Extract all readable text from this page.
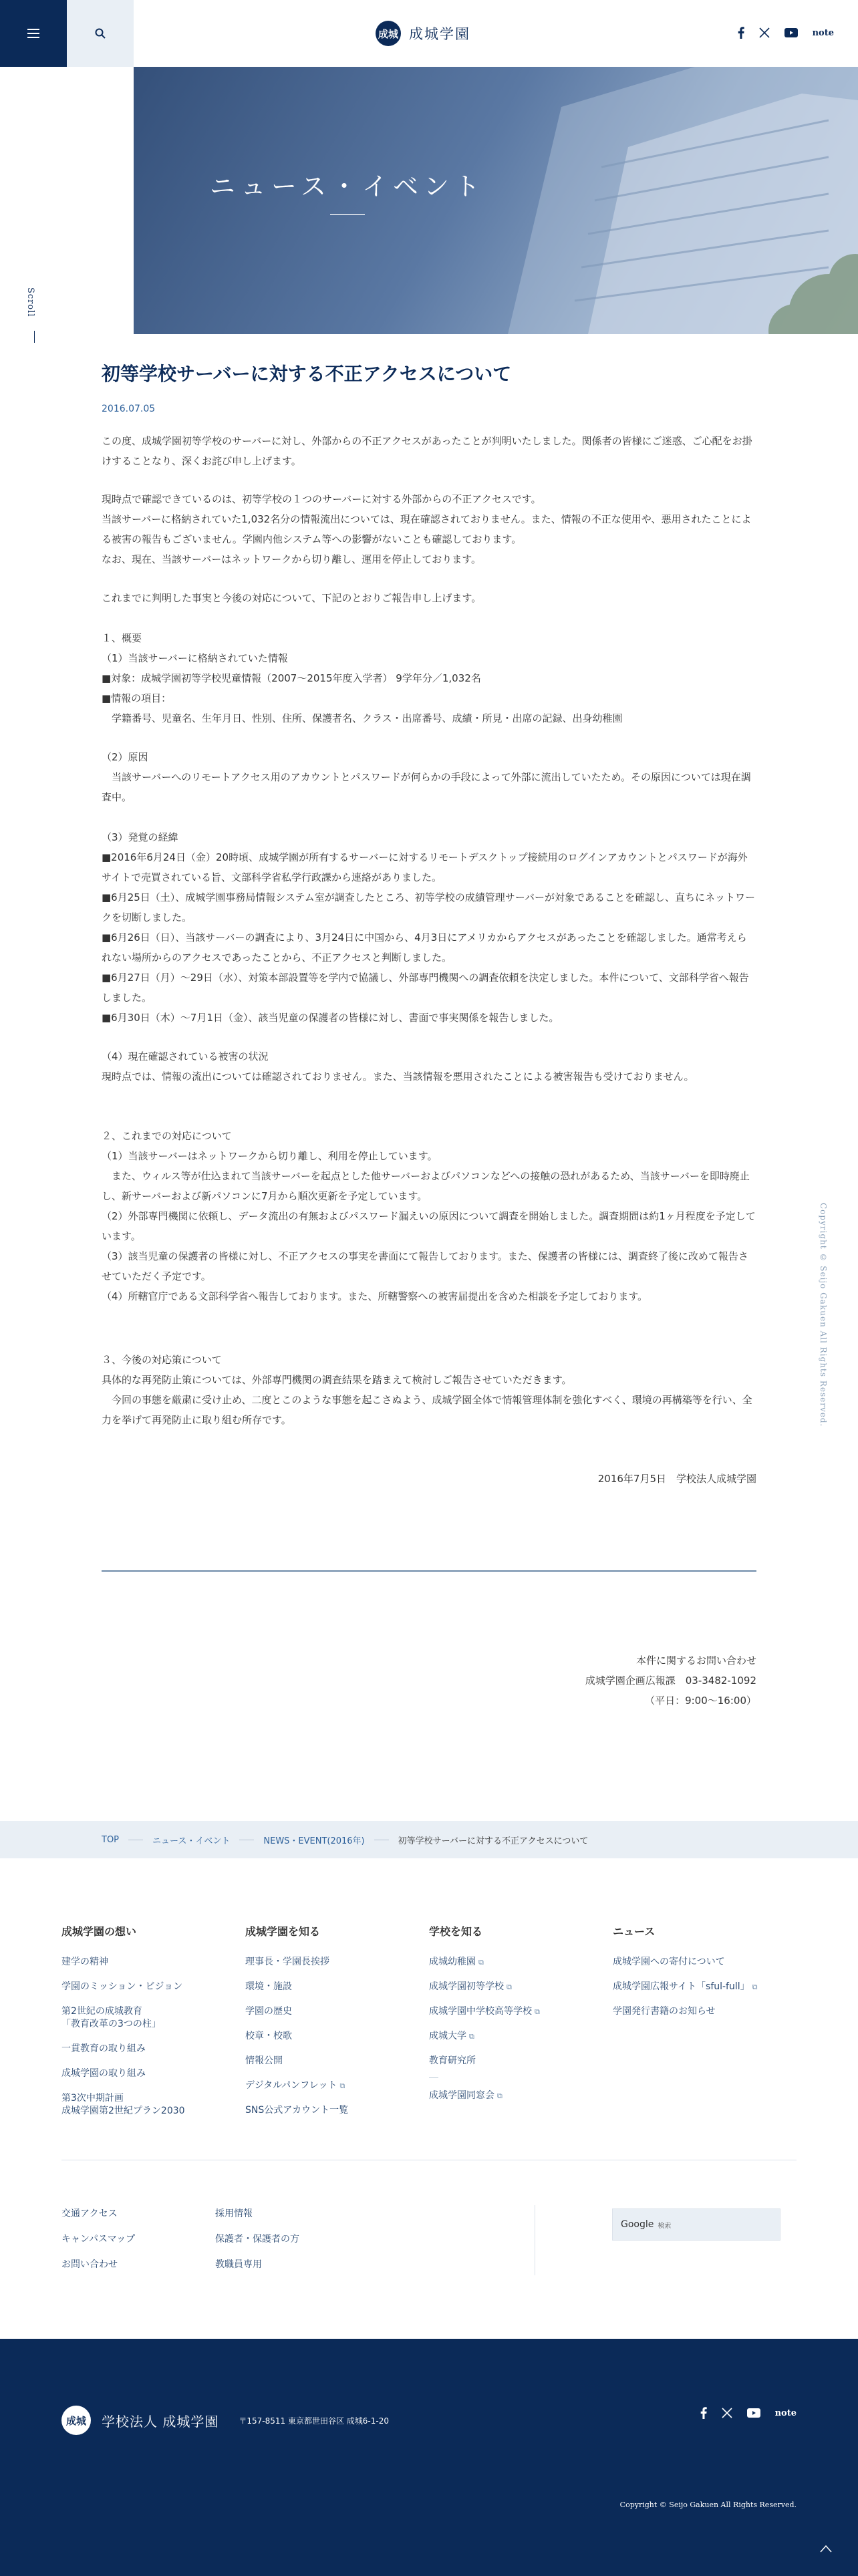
成城 成城学園	note
ニュース・イベント
Scroll
Copyright © Seijo Gakuen All Rights Reserved.
初等学校サーバーに対する不正アクセスについて
2016.07.05
この度、成城学園初等学校のサーバーに対し、外部からの不正アクセスがあったことが判明いたしました。関係者の皆様にご迷惑、ご心配をお掛けすることなり、深くお詫び申し上げます。
現時点で確認できているのは、初等学校の１つのサーバーに対する外部からの不正アクセスです。
当該サーバーに格納されていた1,032名分の情報流出については、現在確認されておりません。また、情報の不正な使用や、悪用されたことによる被害の報告もございません。学園内他システム等への影響がないことも確認しております。
なお、現在、当該サーバーはネットワークから切り離し、運用を停止しております。
これまでに判明した事実と今後の対応について、下記のとおりご報告申し上げます。
１、概要
（1）当該サーバーに格納されていた情報
■対象：成城学園初等学校児童情報（2007～2015年度入学者） 9学年分／1,032名
■情報の項目：
　学籍番号、児童名、生年月日、性別、住所、保護者名、クラス・出席番号、成績・所見・出席の記録、出身幼稚園
（2）原因
　当該サーバーへのリモートアクセス用のアカウントとパスワードが何らかの手段によって外部に流出していたため。その原因については現在調査中。
（3）発覚の経緯
■2016年6月24日（金）20時頃、成城学園が所有するサーバーに対するリモートデスクトップ接続用のログインアカウントとパスワードが海外サイトで売買されている旨、文部科学省私学行政課から連絡がありました。
■6月25日（土）、成城学園事務局情報システム室が調査したところ、初等学校の成績管理サーバーが対象であることを確認し、直ちにネットワークを切断しました。
■6月26日（日）、当該サーバーの調査により、3月24日に中国から、4月3日にアメリカからアクセスがあったことを確認しました。通常考えられない場所からのアクセスであったことから、不正アクセスと判断しました。
■6月27日（月）～29日（水）、対策本部設置等を学内で協議し、外部専門機関への調査依頼を決定しました。本件について、文部科学省へ報告しました。
■6月30日（木）～7月1日（金）、該当児童の保護者の皆様に対し、書面で事実関係を報告しました。
（4）現在確認されている被害の状況
現時点では、情報の流出については確認されておりません。また、当該情報を悪用されたことによる被害報告も受けておりません。
２、これまでの対応について
（1）当該サーバーはネットワークから切り離し、利用を停止しています。
　また、ウィルス等が仕込まれて当該サーバーを起点とした他サーバーおよびパソコンなどへの接触の恐れがあるため、当該サーバーを即時廃止し、新サーバーおよび新パソコンに7月から順次更新を予定しています。
（2）外部専門機関に依頼し、データ流出の有無およびパスワード漏えいの原因について調査を開始しました。調査期間は約1ヶ月程度を予定しています。
（3）該当児童の保護者の皆様に対し、不正アクセスの事実を書面にて報告しております。また、保護者の皆様には、調査終了後に改めて報告させていただく予定です。
（4）所轄官庁である文部科学省へ報告しております。また、所轄警察への被害届提出を含めた相談を予定しております。
３、今後の対応策について
具体的な再発防止策については、外部専門機関の調査結果を踏まえて検討しご報告させていただきます。
　今回の事態を厳粛に受け止め、二度とこのような事態を起こさぬよう、成城学園全体で情報管理体制を強化すべく、環境の再構築等を行い、全力を挙げて再発防止に取り組む所存です。
2016年7月5日　学校法人成城学園
本件に関するお問い合わせ
成城学園企画広報課　03-3482-1092
（平日：9:00〜16:00）
TOP	ニュース・イベント	NEWS・EVENT(2016年)	初等学校サーバーに対する不正アクセスについて
成城学園の想い
建学の精神
学園のミッション・ビジョン
第2世紀の成城教育
「教育改革の3つの柱」
一貫教育の取り組み
成城学園の取り組み
第3次中期計画
成城学園第2世紀プラン2030
成城学園を知る
理事長・学園長挨拶
環境・施設
学園の歴史
校章・校歌
情報公開
デジタルパンフレット ⧉
SNS公式アカウント一覧
学校を知る
成城幼稚園 ⧉
成城学園初等学校 ⧉
成城学園中学校高等学校 ⧉
成城大学 ⧉
教育研究所
成城学園同窓会 ⧉
ニュース
成城学園への寄付について
成城学園広報サイト「sful-full」 ⧉
学園発行書籍のお知らせ
交通アクセス
キャンパスマップ
お問い合わせ
採用情報
保護者・保護者の方
教職員専用
Google 検索
成城	学校法人 成城学園	〒157-8511 東京都世田谷区 成城6-1-20
note
Copyright © Seijo Gakuen All Rights Reserved.
